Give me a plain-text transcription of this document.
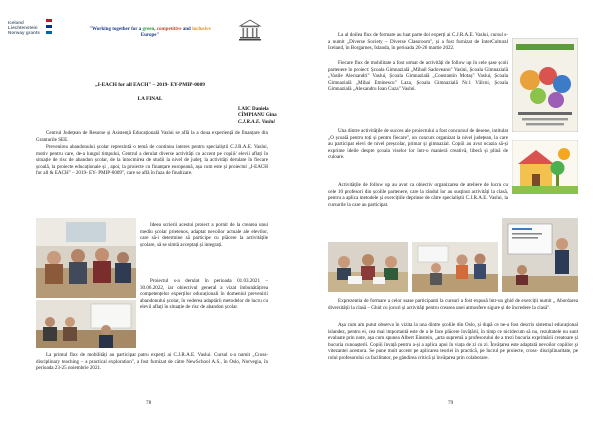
Iceland
Liechtenstein
Norway grants
"Working together for a green, competitive and inclusive
Europe"
„I-EACH for all EACH" – 2019- EY-PMIP-0009
LA FINAL
LAIC Daniela
CÎMPIANU Gina
C.J.R.A.E. Vaslui

Centrul Județean de Resurse și Asistență Educațională Vaslui se află la a doua experiență de finanțare din Granturile SEE.

Prevenirea abandonului școlar reprezintă o temă de continuu interes pentru specialiștii C.J.R.A.E. Vaslui, motiv pentru care, de-a lungul timpului, Centrul a derulat diverse activități cu accent pe copiii/ elevii aflați în situație de risc de abandon școlar, de la întocmirea de studii la nivel de județ, la activități derulate în fiecare școală, la proiecte educaționale și , apoi, la proiecte cu finanțare europeană, așa cum este și proiectul „I-EACH for all & EACH" – 2019- EY- PMIP-0009", care se află în faza de finalizare.

Ideea scrierii acestui proiect a pornit de la crearea unui mediu școlar prietenos, adaptat nevoilor actuale ale elevilor, care să-i determine să participe cu plăcere la activitățile școlare, să se simtă acceptați și integrați.

Proiectul s-a derulat în perioada 01.03.2021 – 30.06.2022, iar obiectivul general a vizat îmbunătățirea competențelor experților educaționali în domeniul prevenirii abandonului școlar, în vederea adaptării metodelor de lucru cu elevii aflați în situație de risc de abandon școlar.

La primul flux de mobilități au participat patru experți ai C.J.R.A.E. Vaslui. Cursul s-a numit „Cross-disciplinary teaching – a practical exploration", a fost furnizat de către NewSchool A.S., în Oslo, Norvegia, în perioada 23-25 noiembrie 2021.

78

La al doilea flux de formare au luat parte doi experți ai C.J.R.A.E. Vaslui, cursul s-a numit „Diverse Society – Diverse Classroom", și a fost furnizat de InterCultural Iceland, în Borgarnes, Islanda, în perioada 20-26 martie 2022.

Fiecare flux de mobilitate a fost urmat de activități de follow up în cele șase școli partenere în proiect: Școala Gimnazială „Mihail Sadoveanu" Vaslui, Școala Gimnazială „Vasile Alecsandri" Vaslui, Școala Gimnazială „Constantin Motaș" Vaslui, Școala Gimnazială „Mihai Eminescu" Laza, Școala Gimnazială Nr.1 Vâlcni, Școala Gimnazială „Alexandru Ioan Cuza" Vaslui.

Una dintre activitățile de succes ale proiectului a fost concursul de desene, intitulat „O școală pentru toți și pentru fiecare", un concurs organizat la nivel județean, la care au participat elevi de nivel preșcolar, primar și gimnazial. Copiii au avut ocazia să-și exprime ideile despre școala viselor lor într-o manieră creativă, liberă și plină de culoare.

Activitățile de follow up au avut ca obiectiv organizarea de ateliere de lucru cu cele 10 profesori din școlile partenere, care la rândul lor au susținut activități la clasă, pentru a aplica metodele și exercițiile deprinse de către specialiștii C.J.R.A.E. Vaslui, la cursurile la care au participat.

Exprezentia de formare a celor ssase participanti la cursuri a fost expusă într-un ghid de exerciții numit „ Abordarea diversității la clasă – Ghid cu jocuri și activități pentru crearea unei atmosfere sigure și de încredere la clasă".

Așa cum am putut observa în vizita la una dintre școlile din Oslo, și după ce ne-a fost descris sistemul educațional islandez, pentru ei, cea mai importantă este de a le face plăcere învățării, în timp ce nicidecum să nu, rezultatele nu sunt evaluate prin note, așa cum spunea Albert Einstein, „arta supremă a profesorului de a trezi bucuria exprimării creatoare și bucuria cunoașterii. Copiii învață pentru a-și a aplica apoi în viața de zi cu zi. Învățarea este adaptată nevoilor copiilor și vitezantei acestora. Se pune mult accent pe aplicarea teoriei în practică, pe lucrul pe proiecte, cross- disciplinaritate, pe rolul profesorului ca facilitator, pe gândirea critică și învățarea prin colaborare.

79
